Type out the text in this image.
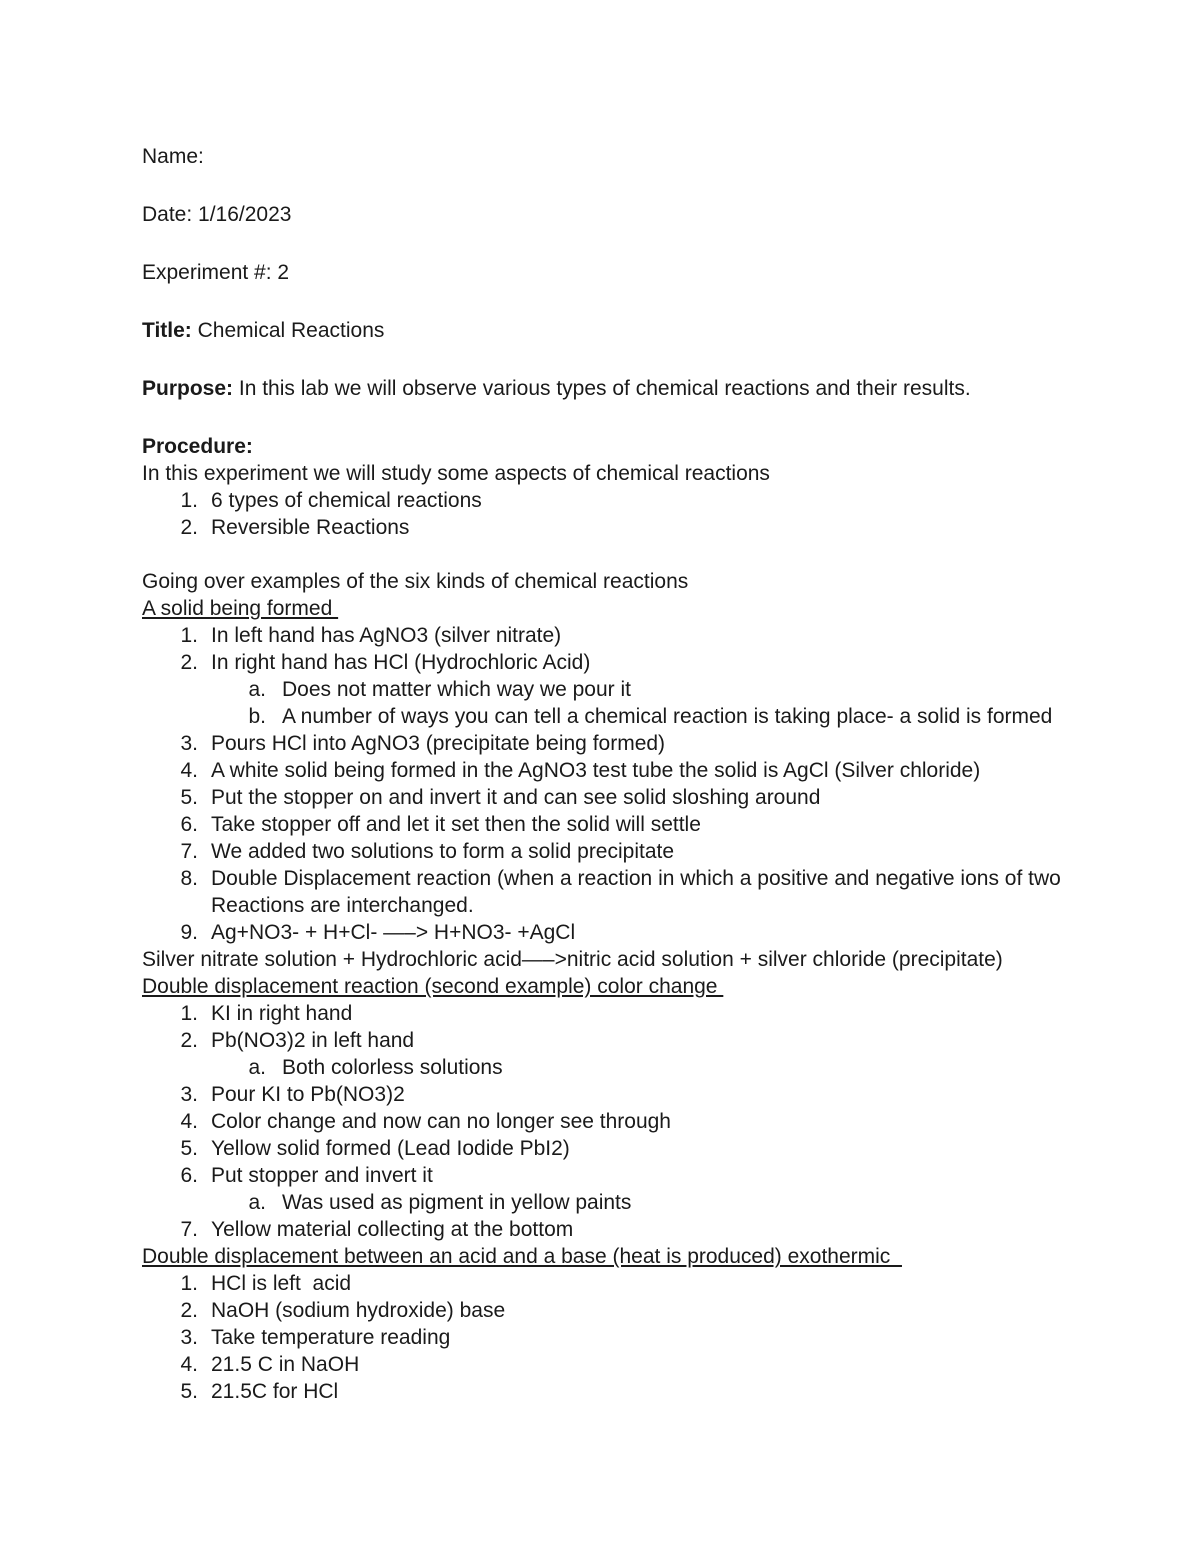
Name:
Date: 1/16/2023
Experiment #: 2
Title: Chemical Reactions
Purpose: In this lab we will observe various types of chemical reactions and their results.
Procedure:
In this experiment we will study some aspects of chemical reactions
1. 6 types of chemical reactions
2. Reversible Reactions
Going over examples of the six kinds of chemical reactions
A solid being formed
1. In left hand has AgNO3 (silver nitrate)
2. In right hand has HCl (Hydrochloric Acid)
a. Does not matter which way we pour it
b. A number of ways you can tell a chemical reaction is taking place- a solid is formed
3. Pours HCl into AgNO3 (precipitate being formed)
4. A white solid being formed in the AgNO3 test tube the solid is AgCl (Silver chloride)
5. Put the stopper on and invert it and can see solid sloshing around
6. Take stopper off and let it set then the solid will settle
7. We added two solutions to form a solid precipitate
8. Double Displacement reaction (when a reaction in which a positive and negative ions of two
Reactions are interchanged.
9. Ag+NO3- + H+Cl- —–> H+NO3- +AgCl
Silver nitrate solution + Hydrochloric acid—–>nitric acid solution + silver chloride (precipitate)
Double displacement reaction (second example) color change
1. KI in right hand
2. Pb(NO3)2 in left hand
a. Both colorless solutions
3. Pour KI to Pb(NO3)2
4. Color change and now can no longer see through
5. Yellow solid formed (Lead Iodide PbI2)
6. Put stopper and invert it
a. Was used as pigment in yellow paints
7. Yellow material collecting at the bottom
Double displacement between an acid and a base (heat is produced) exothermic
1. HCl is left  acid
2. NaOH (sodium hydroxide) base
3. Take temperature reading
4. 21.5 C in NaOH
5. 21.5C for HCl
